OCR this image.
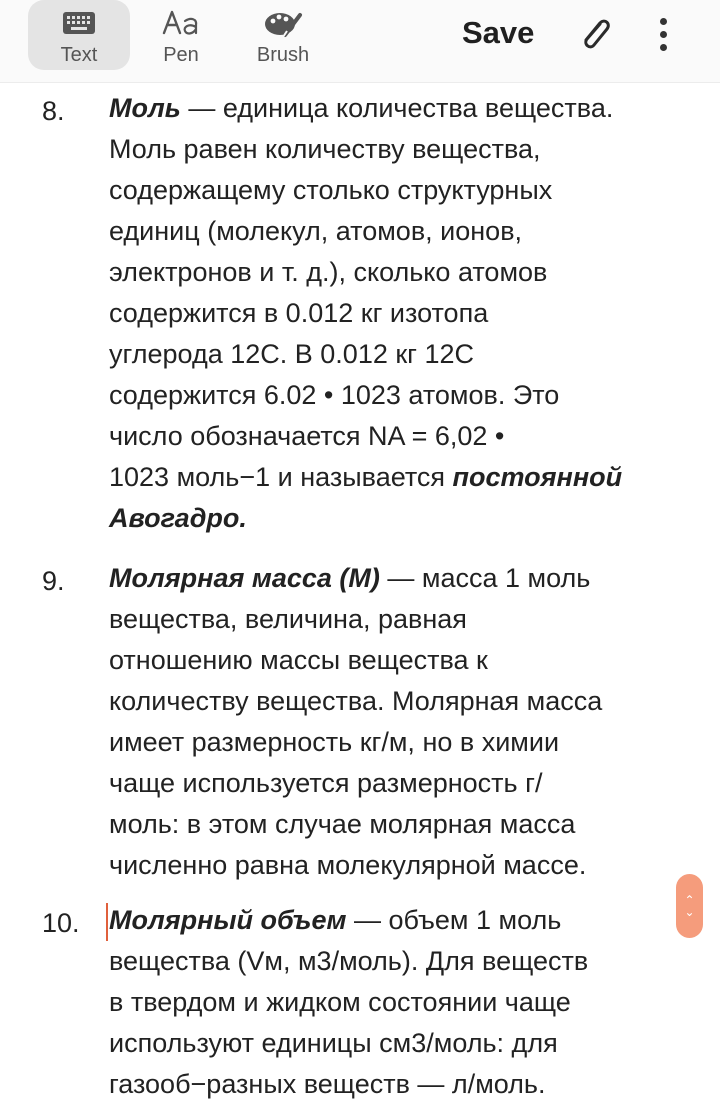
Text	Pen	Brush
Save
8. Моль — единица количества вещества.
Моль равен количеству вещества,
содержащему столько структурных
единиц (молекул, атомов, ионов,
электронов и т. д.), сколько атомов
содержится в 0.012 кг изотопа
углерода 12С. В 0.012 кг 12С
содержится 6.02 • 1023 атомов. Это
число обозначается NA = 6,02 •
1023 моль−1 и называется постоянной
Авогадро.
9. Молярная масса (М) — масса 1 моль
вещества, величина, равная
отношению массы вещества к
количеству вещества. Молярная масса
имеет размерность кг/м, но в химии
чаще используется размерность г/
моль: в этом случае молярная масса
численно равна молекулярной массе.
10. Молярный объем — объем 1 моль
вещества (Vм, м3/моль). Для веществ
в твердом и жидком состоянии чаще
используют единицы см3/моль: для
газооб−разных веществ — л/моль.
⌃
⌄
